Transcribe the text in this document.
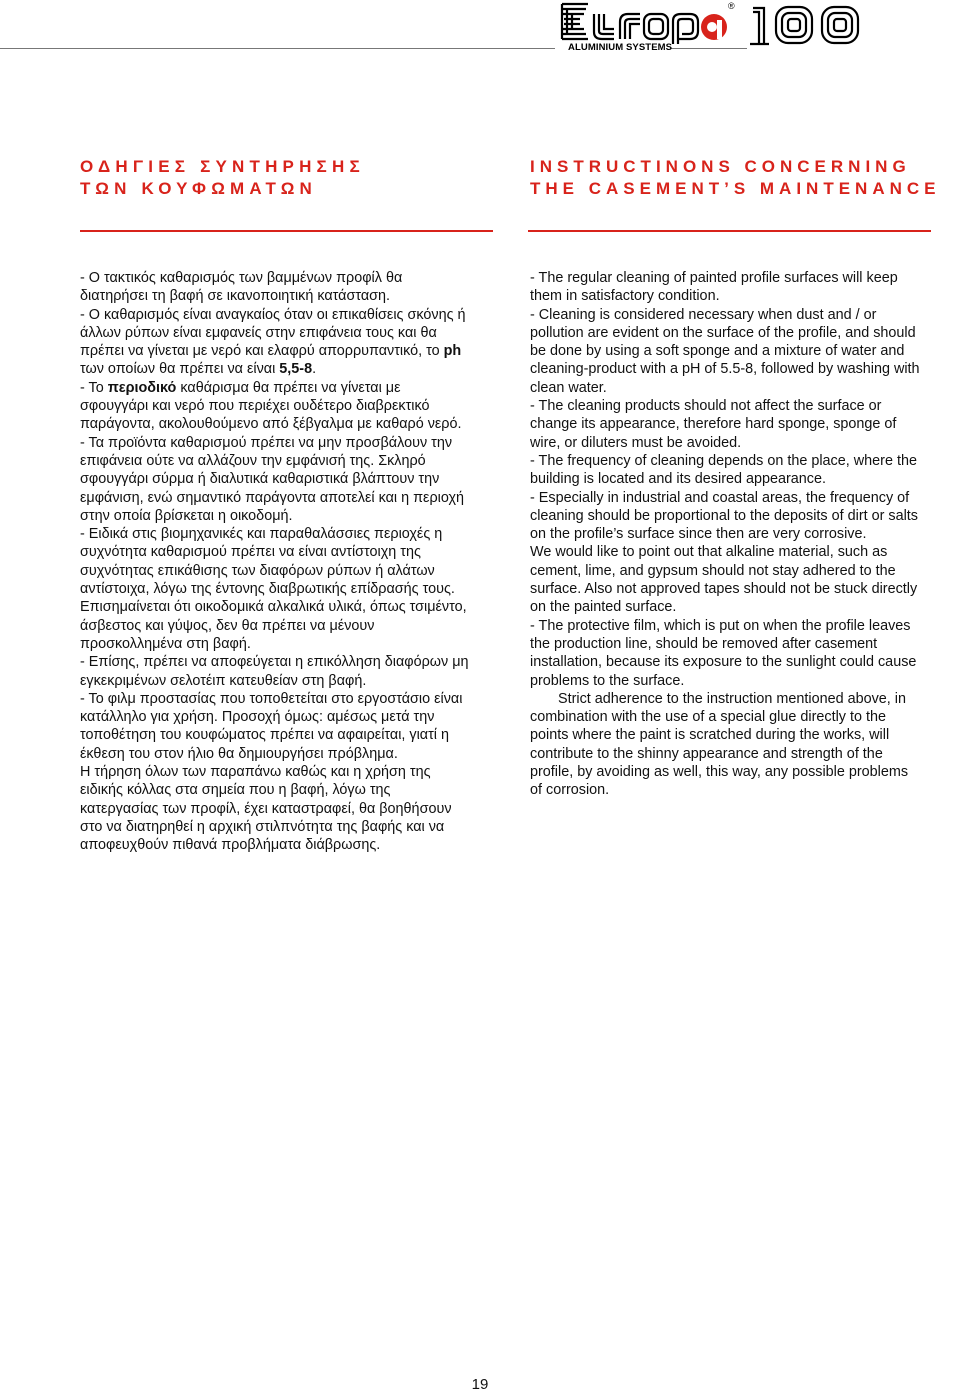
®
ALUMINIUM SYSTEMS
ΟΔΗΓΙΕΣ ΣΥΝΤΗΡΗΣΗΣ
ΤΩΝ ΚΟΥΦΩΜΑΤΩΝ
INSTRUCTINONS CONCERNING
THE CASEMENT’S MAINTENANCE

- Ο τακτικός καθαρισμός των βαμμένων προφίλ θα διατηρήσει τη βαφή σε ικανοποιητική κατάσταση.

- Ο καθαρισμός είναι αναγκαίος όταν οι επικαθίσεις σκόνης ή άλλων ρύπων είναι εμφανείς στην επιφάνεια τους και θα πρέπει να γίνεται με νερό και ελαφρύ απορρυπαντικό, το ph των οποίων θα πρέπει να είναι 5,5-8.

- Το περιοδικό καθάρισμα θα πρέπει να γίνεται με σφουγγάρι και νερό που περιέχει ουδέτερο διαβρεκτικό παράγοντα, ακολουθούμενο από ξέβγαλμα με καθαρό νερό.

- Τα προϊόντα καθαρισμού πρέπει να μην προσβάλουν την επιφάνεια ούτε να αλλάζουν την εμφάνισή της. Σκληρό σφουγγάρι σύρμα ή διαλυτικά καθαριστικά βλάπτουν την εμφάνιση, ενώ σημαντικό παράγοντα αποτελεί και η περιοχή στην οποία βρίσκεται η οικοδομή.

- Ειδικά στις βιομηχανικές και παραθαλάσσιες περιοχές η συχνότητα καθαρισμού πρέπει να είναι αντίστοιχη της συχνότητας επικάθισης των διαφόρων ρύπων ή αλάτων αντίστοιχα, λόγω της έντονης διαβρωτικής επίδρασής τους.

Επισημαίνεται ότι οικοδομικά αλκαλικά υλικά, όπως τσιμέντο, άσβεστος και γύψος, δεν θα πρέπει να μένουν προσκολλημένα στη βαφή.

- Επίσης, πρέπει να αποφεύγεται η επικόλληση διαφόρων μη εγκεκριμένων σελοτέιπ κατευθείαν στη βαφή.

- Το φιλμ προστασίας που τοποθετείται στο εργοστάσιο είναι κατάλληλο για χρήση. Προσοχή όμως: αμέσως μετά την τοποθέτηση του κουφώματος πρέπει να αφαιρείται, γιατί η έκθεση του στον ήλιο θα δημιουργήσει πρόβλημα.

Η τήρηση όλων των παραπάνω καθώς και η χρήση της ειδικής κόλλας στα σημεία που η βαφή, λόγω της κατεργασίας των προφίλ, έχει καταστραφεί, θα βοηθήσουν στο να διατηρηθεί η αρχική στιλπνότητα της βαφής και να αποφευχθούν πιθανά προβλήματα διάβρωσης.

- The regular cleaning of painted profile surfaces will keep them in satisfactory condition.

- Cleaning is considered necessary when dust and / or pollution are evident on the surface of the profile, and should be done by using a soft sponge and a mixture of water and cleaning-product with a pH of 5.5-8, followed by washing with clean water.

- The cleaning products should not affect the surface or change its appearance, therefore hard sponge, sponge of wire, or diluters must be avoided.

- The frequency of cleaning depends on the place, where the building is located and its desired appearance.

- Especially in industrial and coastal areas, the frequency of cleaning should be proportional to the deposits of dirt or salts on the profile’s surface since then are very corrosive.

We would like to point out that alkaline material, such as cement, lime, and gypsum should not stay adhered to the surface. Also not approved tapes should not be stuck directly on the painted surface.

- The protective film, which is put on when the profile leaves the production line, should be removed after casement installation, because its exposure to the sunlight could cause problems to the surface.

Strict adherence to the instruction mentioned above, in combination with the use of a special glue directly to the points where the paint is scratched during the works, will contribute to the shinny appearance and strength of the profile, by avoiding as well, this way, any possible problems of corrosion.

19
